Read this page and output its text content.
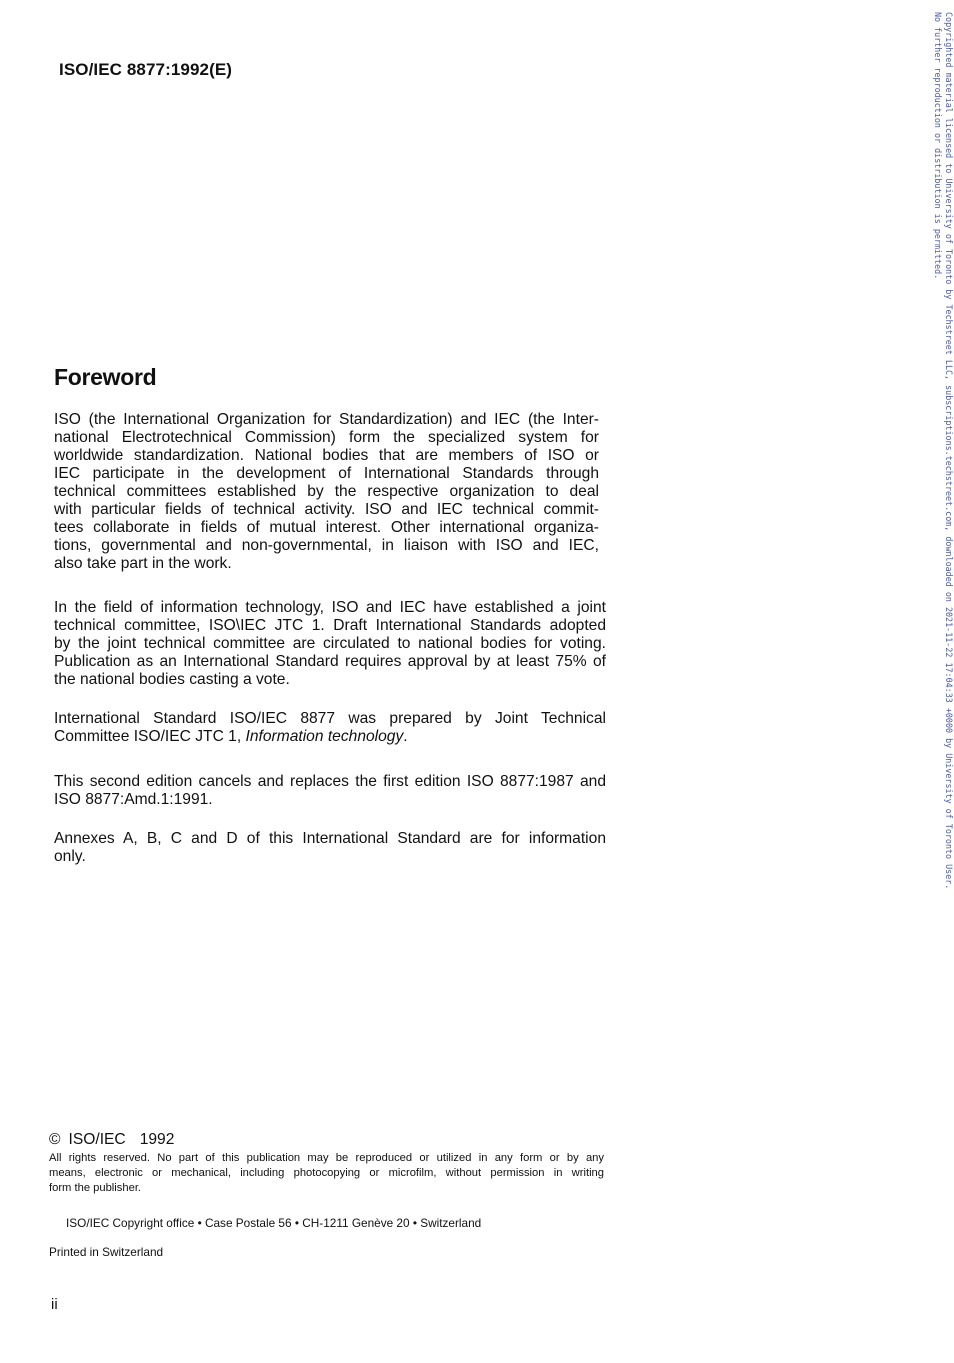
ISO/IEC 8877:1992(E)
Foreword

ISO (the International Organization for Standardization) and IEC (the Inter-
national Electrotechnical Commission) form the specialized system for
worldwide standardization. National bodies that are members of ISO or
IEC participate in the development of International Standards through
technical committees established by the respective organization to deal
with particular fields of technical activity. ISO and IEC technical commit-
tees collaborate in fields of mutual interest. Other international organiza-
tions, governmental and non-governmental, in liaison with ISO and IEC,
also take part in the work.

In the field of information technology, ISO and IEC have established a joint
technical committee, ISO\IEC JTC 1. Draft International Standards adopted
by the joint technical committee are circulated to national bodies for voting.
Publication as an International Standard requires approval by at least 75% of
the national bodies casting a vote.

International Standard ISO/IEC 8877 was prepared by Joint Technical
Committee ISO/IEC JTC 1, Information technology.

This second edition cancels and replaces the first edition ISO 8877:1987 and
ISO 8877:Amd.1:1991.

Annexes A, B, C and D of this International Standard are for information
only.

© ISO/IEC 1992

All rights reserved. No part of this publication may be reproduced or utilized in any form or by any
means, electronic or mechanical, including photocopying or microfilm, without permission in writing
form the publisher.

ISO/IEC Copyright office • Case Postale 56 • CH-1211 Genève 20 • Switzerland
Printed in Switzerland
ii
Copyrighted material licensed to University of Toronto by Techstreet LLC, subscriptions.techstreet.com, downloaded on 2021-11-22 17:04:33 +0000 by University of Toronto User.
No further reproduction or distribution is permitted.
